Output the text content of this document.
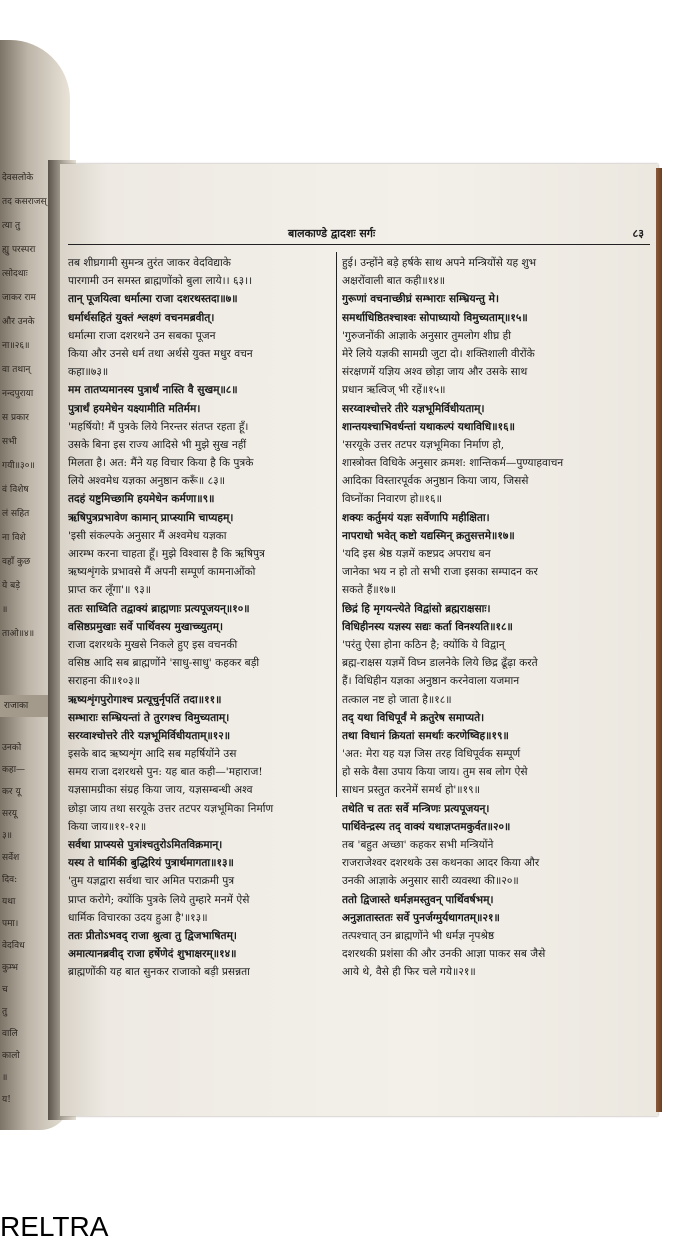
देवसलोके
तद कसराजस्
त्या तु
ह्यु परस्परा
त्सोदथाः
जाकर राम
और उनके
ना॥२६॥
वा तथान्
नन्दपुराया
स प्रकार
सभी
गयी॥३०॥
वं विशेष
लं सहित
ना विशे
वहाँ कुछ
ये बड़े
॥
ताओ॥४॥
राजाका
उनको
कहा—
कर यू
सरयू
३॥
सर्वेश
दिव:
यथा
पमा।
वेदविध
कुम्भ
च
तु
वालि
कालो
॥
य!
बालकाण्डे द्वादशः सर्गः	८३
तब शीघ्रगामी सुमन्त्र तुरंत जाकर वेदविद्याके
पारगामी उन समस्त ब्राह्मणोंको बुला लाये।। ६३।।
तान् पूजयित्वा धर्मात्मा राजा दशरथस्तदा॥७॥
धर्मार्थसहितं युक्तं श्लक्ष्णं वचनमब्रवीत्।
धर्मात्मा राजा दशरथने उन सबका पूजन
किया और उनसे धर्म तथा अर्थसे युक्त मधुर वचन
कहा॥७३॥
मम तातप्यमानस्य पुत्रार्थं नास्ति वै सुखम्॥८॥
पुत्रार्थं हयमेधेन यक्ष्यामीति मतिर्मम।
'महर्षियो! मैं पुत्रके लिये निरन्तर संतप्त रहता हूँ।
उसके बिना इस राज्य आदिसे भी मुझे सुख नहीं
मिलता है। अत: मैंने यह विचार किया है कि पुत्रके
लिये अश्वमेध यज्ञका अनुष्ठान करूँ॥ ८३॥
तदहं यष्टुमिच्छामि हयमेधेन कर्मणा॥९॥
ऋषिपुत्रप्रभावेण कामान् प्राप्स्यामि चाप्यहम्।
'इसी संकल्पके अनुसार मैं अश्वमेध यज्ञका
आरम्भ करना चाहता हूँ। मुझे विश्वास है कि ऋषिपुत्र
ऋष्यशृंगके प्रभावसे मैं अपनी सम्पूर्ण कामनाओंको
प्राप्त कर लूँगा'॥ ९३॥
ततः साध्विति तद्वाक्यं ब्राह्मणाः प्रत्यपूजयन्॥१०॥
वसिष्ठप्रमुखाः सर्वे पार्थिवस्य मुखाच्च्युतम्।
राजा दशरथके मुखसे निकले हुए इस वचनकी
वसिष्ठ आदि सब ब्राह्मणोंने 'साधु-साधु' कहकर बड़ी
सराहना की॥१०३॥
ऋष्यशृंगपुरोगाश्च प्रत्यूचुर्नृपतिं तदा॥११॥
सम्भाराः सम्भ्रियन्तां ते तुरगश्च विमुच्यताम्।
सरय्वाश्चोत्तरे तीरे यज्ञभूमिर्विधीयताम्॥१२॥
इसके बाद ऋष्यशृंग आदि सब महर्षियोंने उस
समय राजा दशरथसे पुन: यह बात कही—'महाराज!
यज्ञसामग्रीका संग्रह किया जाय, यज्ञसम्बन्धी अश्व
छोड़ा जाय तथा सरयूके उत्तर तटपर यज्ञभूमिका निर्माण
किया जाय॥११-१२॥
सर्वथा प्राप्स्यसे पुत्रांश्चतुरोऽमितविक्रमान्।
यस्य ते धार्मिकी बुद्धिरियं पुत्रार्थमागता॥१३॥
'तुम यज्ञद्वारा सर्वथा चार अमित पराक्रमी पुत्र
प्राप्त करोगे; क्योंकि पुत्रके लिये तुम्हारे मनमें ऐसे
धार्मिक विचारका उदय हुआ है'॥१३॥
ततः प्रीतोऽभवद् राजा श्रुत्वा तु द्विजभाषितम्।
अमात्यानब्रवीद् राजा हर्षेणेदं शुभाक्षरम्॥१४॥
ब्राह्मणोंकी यह बात सुनकर राजाको बड़ी प्रसन्नता
हुई। उन्होंने बड़े हर्षके साथ अपने मन्त्रियोंसे यह शुभ
अक्षरोंवाली बात कही॥१४॥
गुरूणां वचनाच्छीघ्रं सम्भाराः सम्भ्रियन्तु मे।
समर्थाधिष्ठितश्चाश्वः सोपाध्यायो विमुच्यताम्॥१५॥
'गुरुजनोंकी आज्ञाके अनुसार तुमलोग शीघ्र ही
मेरे लिये यज्ञकी सामग्री जुटा दो। शक्तिशाली वीरोंके
संरक्षणमें यज्ञिय अश्व छोड़ा जाय और उसके साथ
प्रधान ऋत्विज् भी रहें॥१५॥
सरय्वाश्चोत्तरे तीरे यज्ञभूमिर्विधीयताम्।
शान्तयश्चाभिवर्धन्तां यथाकल्पं यथाविधि॥१६॥
'सरयूके उत्तर तटपर यज्ञभूमिका निर्माण हो,
शास्त्रोक्त विधिके अनुसार क्रमश: शान्तिकर्म—पुण्याहवाचन
आदिका विस्तारपूर्वक अनुष्ठान किया जाय, जिससे
विघ्नोंका निवारण हो॥१६॥
शक्यः कर्तुमयं यज्ञः सर्वेणापि महीक्षिता।
नापराधो भवेत् कष्टो यद्यस्मिन् क्रतुसत्तमे॥१७॥
'यदि इस श्रेष्ठ यज्ञमें कष्टप्रद अपराध बन
जानेका भय न हो तो सभी राजा इसका सम्पादन कर
सकते हैं॥१७॥
छिद्रं हि मृगयन्त्येते विद्वांसो ब्रह्मराक्षसाः।
विधिहीनस्य यज्ञस्य सद्यः कर्ता विनश्यति॥१८॥
'परंतु ऐसा होना कठिन है; क्योंकि ये विद्वान्
ब्रह्म-राक्षस यज्ञमें विघ्न डालनेके लिये छिद्र ढूँढ़ा करते
हैं। विधिहीन यज्ञका अनुष्ठान करनेवाला यजमान
तत्काल नष्ट हो जाता है॥१८॥
तद् यथा विधिपूर्वं मे क्रतुरेष समाप्यते।
तथा विधानं क्रियतां समर्थाः करणेष्विह॥१९॥
'अत: मेरा यह यज्ञ जिस तरह विधिपूर्वक सम्पूर्ण
हो सके वैसा उपाय किया जाय। तुम सब लोग ऐसे
साधन प्रस्तुत करनेमें समर्थ हो'॥१९॥
तथेति च ततः सर्वे मन्त्रिणः प्रत्यपूजयन्।
पार्थिवेन्द्रस्य तद् वाक्यं यथाज्ञप्तमकुर्वत॥२०॥
तब 'बहुत अच्छा' कहकर सभी मन्त्रियोंने
राजराजेश्वर दशरथके उस कथनका आदर किया और
उनकी आज्ञाके अनुसार सारी व्यवस्था की॥२०॥
ततो द्विजास्ते धर्मज्ञमस्तुवन् पार्थिवर्षभम्।
अनुज्ञातास्ततः सर्वे पुनर्जग्मुर्यथागतम्॥२१॥
तत्पश्चात् उन ब्राह्मणोंने भी धर्मज्ञ नृपश्रेष्ठ
दशरथकी प्रशंसा की और उनकी आज्ञा पाकर सब जैसे
आये थे, वैसे ही फिर चले गये॥२१॥
RELTRA
